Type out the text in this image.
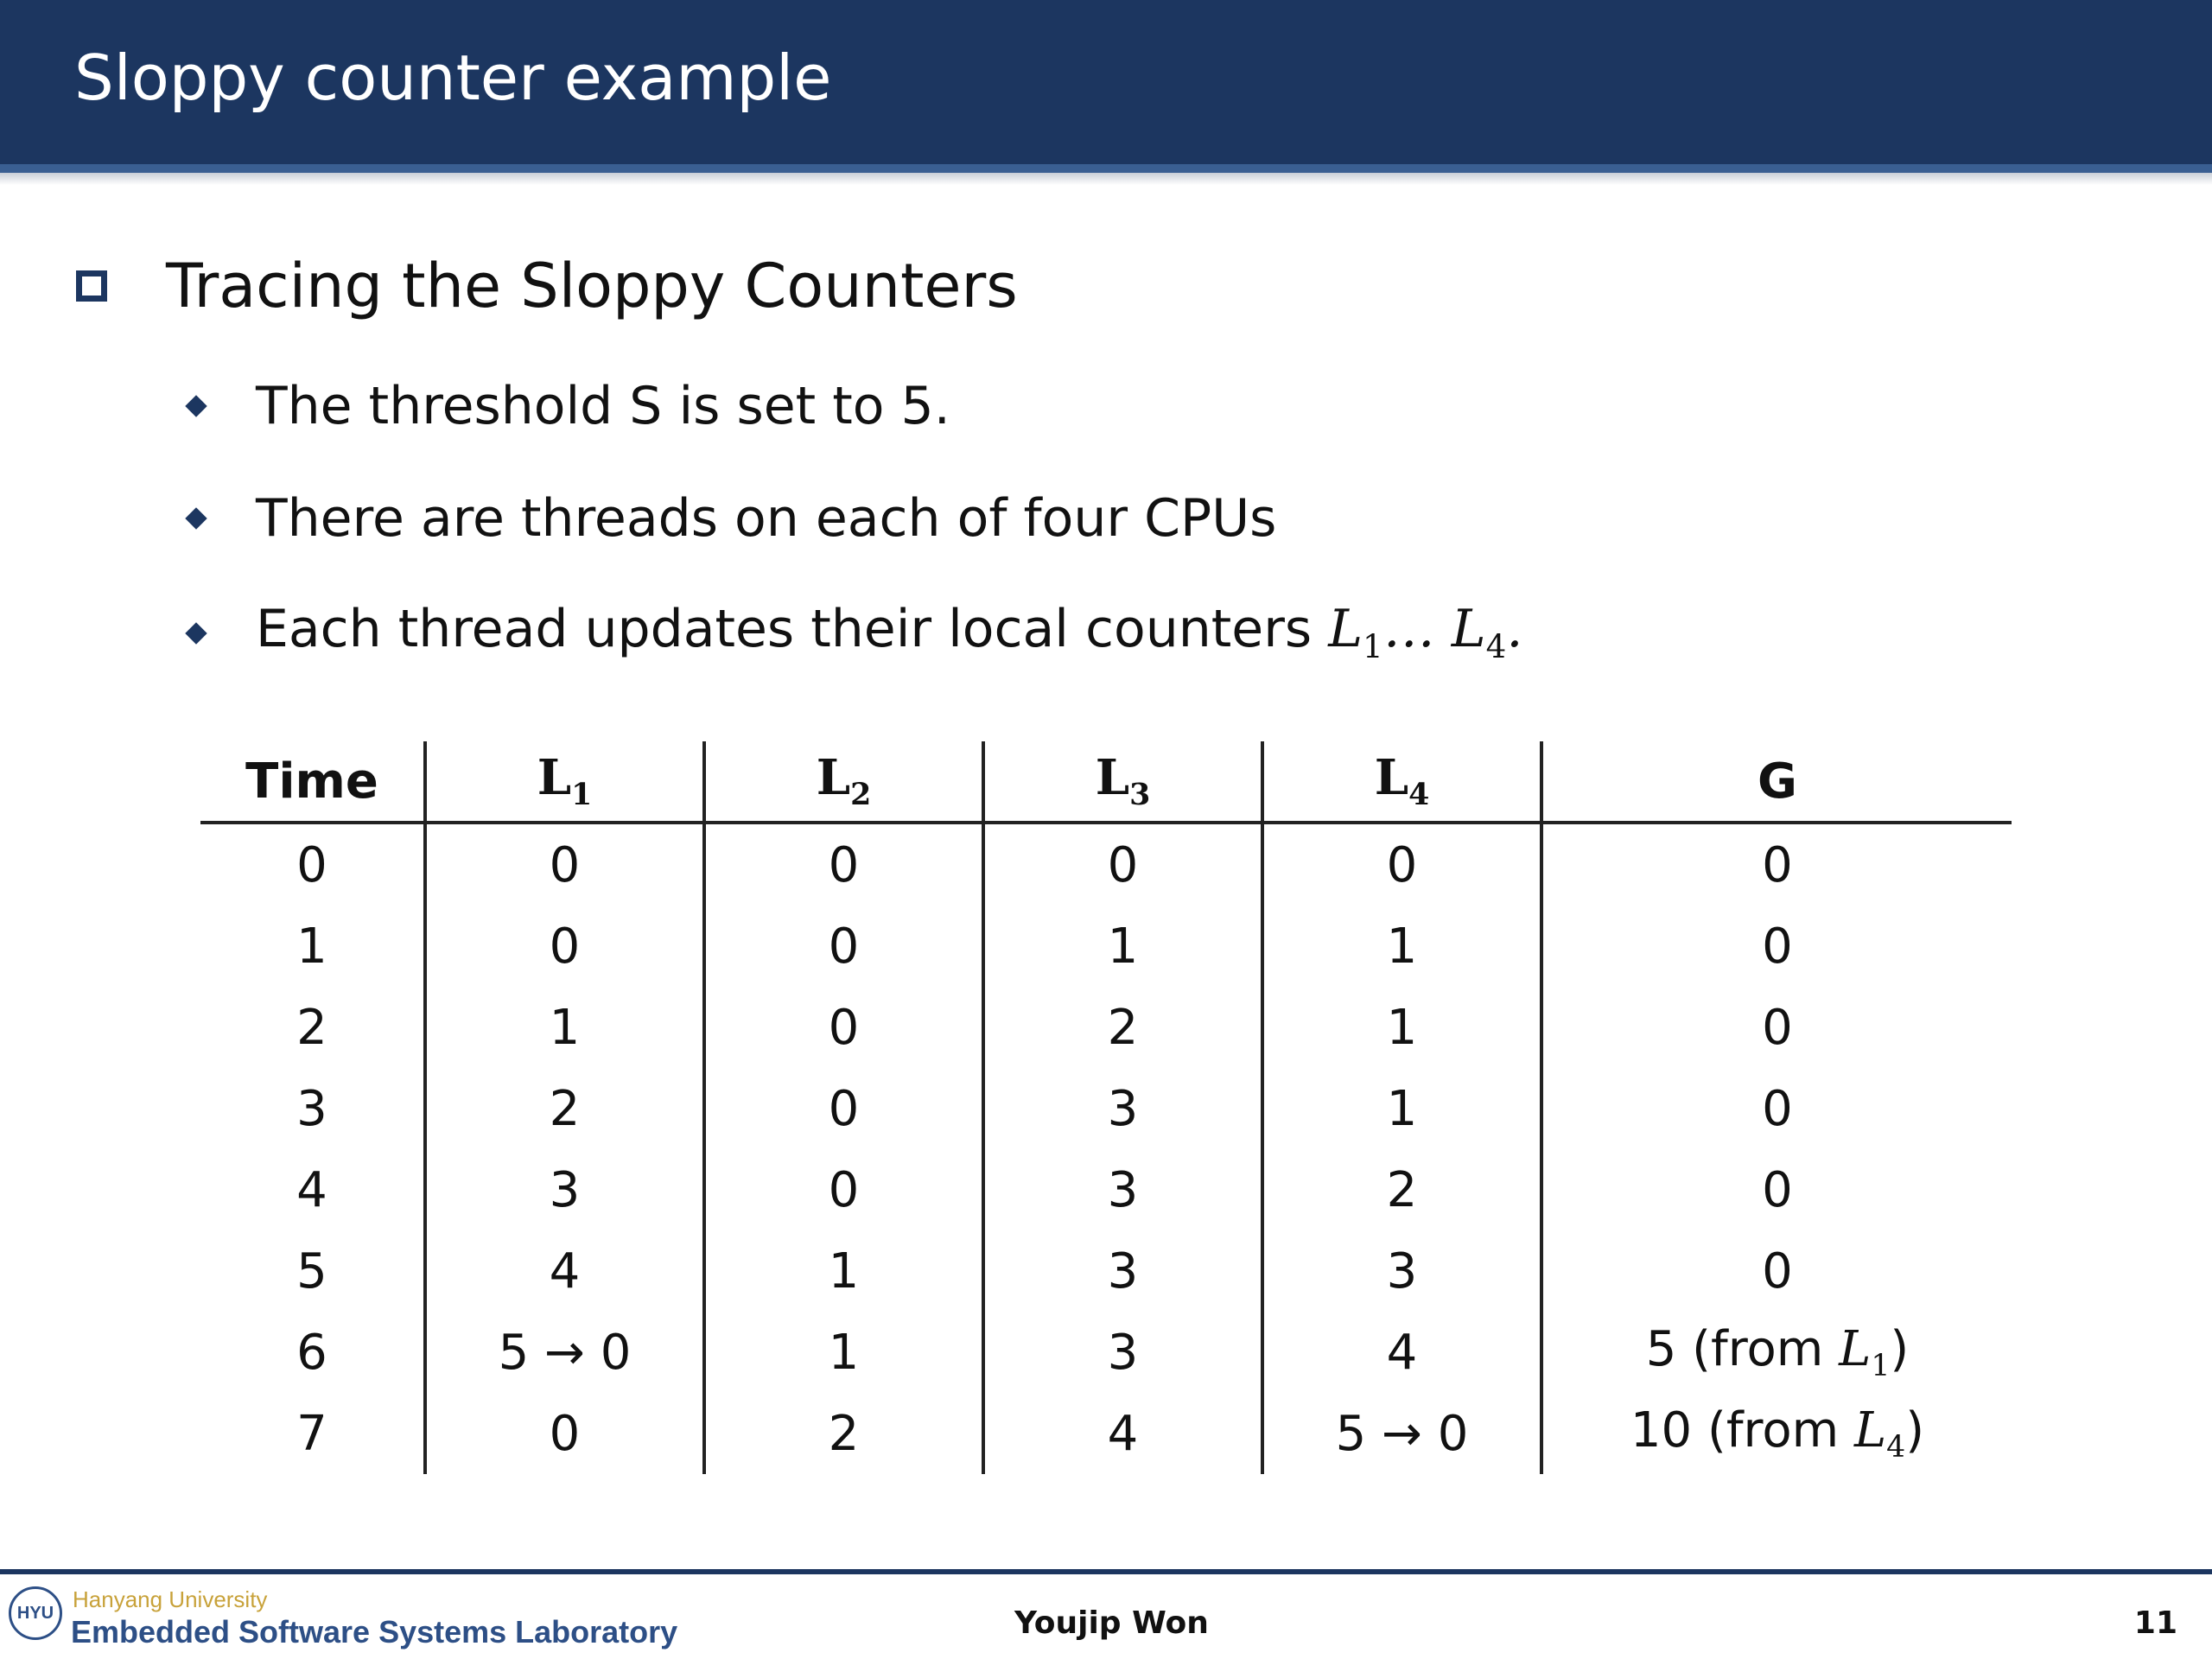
Sloppy counter example
Tracing the Sloppy Counters
The threshold S is set to 5.
There are threads on each of four CPUs
Each thread updates their local counters $L_1\dots$ $L_4$.
Time	$L_1$	$L_2$	$L_3$	$L_4$	G
0	0	0	0	0	0
1	0	0	1	1	0
2	1	0	2	1	0
3	2	0	3	1	0
4	3	0	3	2	0
5	4	1	3	3	0
6	5 → 0	1	3	4	5 (from $L_1$)
7	0	2	4	5 → 0	10 (from $L_4$)
HYU
Hanyang University
Embedded Software Systems Laboratory	Youjip Won	11
